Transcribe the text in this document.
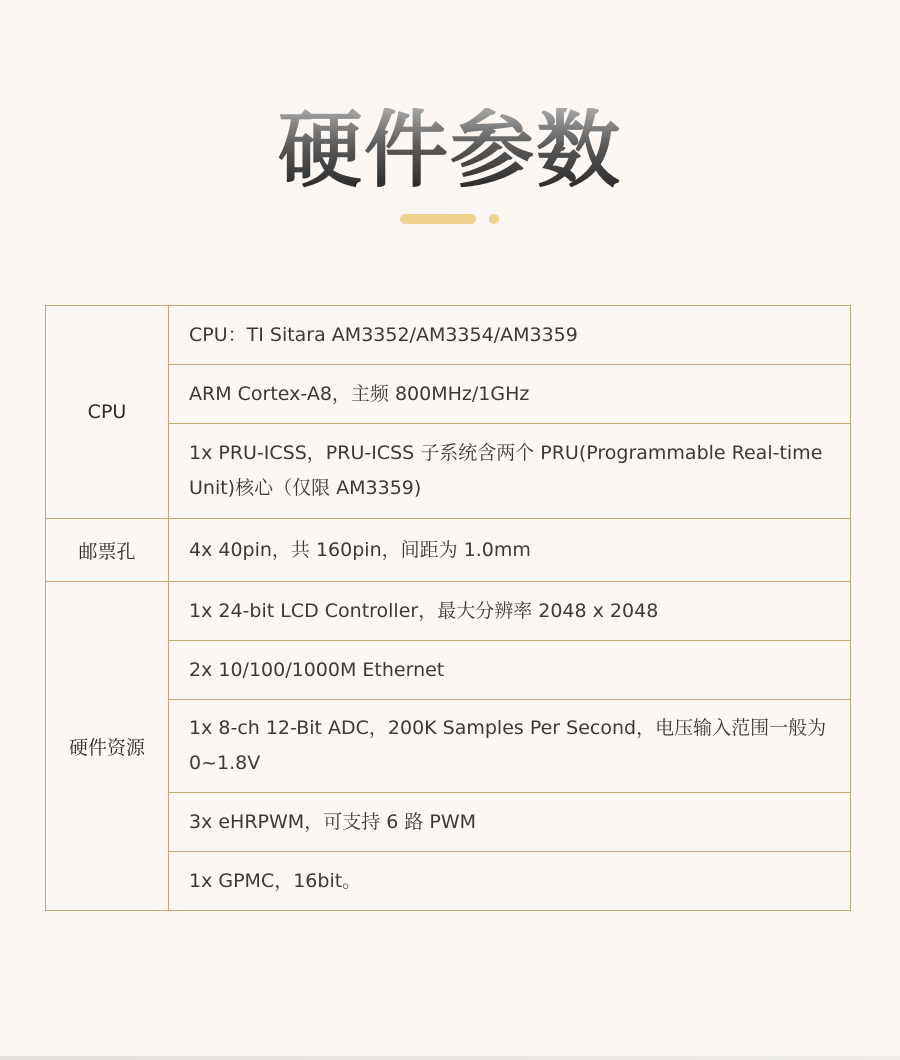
硬件参数
CPU	CPU：TI Sitara AM3352/AM3354/AM3359
	ARM Cortex-A8，主频 800MHz/1GHz
	1x PRU-ICSS，PRU-ICSS 子系统含两个 PRU(Programmable Real-time Unit)核心（仅限 AM3359)
邮票孔	4x 40pin，共 160pin，间距为 1.0mm
硬件资源	1x 24-bit LCD Controller，最大分辨率 2048 x 2048
	2x 10/100/1000M Ethernet
	1x 8-ch 12-Bit ADC，200K Samples Per Second，电压输入范围一般为 0~1.8V
	3x eHRPWM，可支持 6 路 PWM
	1x GPMC，16bit。
